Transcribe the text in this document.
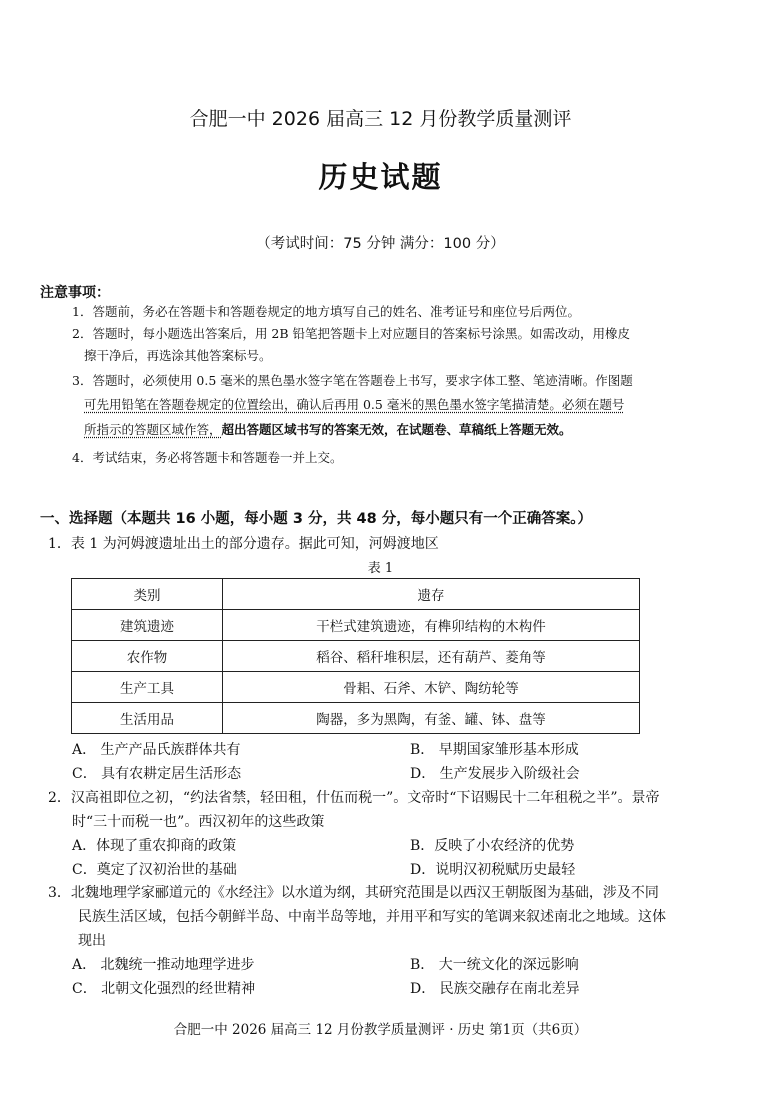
合肥一中 2026 届高三 12 月份教学质量测评
历史试题
（考试时间：75 分钟 满分：100 分）
注意事项：
1．答题前，务必在答题卡和答题卷规定的地方填写自己的姓名、准考证号和座位号后两位。
2．答题时，每小题选出答案后，用 2B 铅笔把答题卡上对应题目的答案标号涂黑。如需改动，用橡皮
擦干净后，再选涂其他答案标号。
3．答题时，必须使用 0.5 毫米的黑色墨水签字笔在答题卷上书写，要求字体工整、笔迹清晰。作图题
可先用铅笔在答题卷规定的位置绘出，确认后再用 0.5 毫米的黑色墨水签字笔描清楚。必须在题号
所指示的答题区域作答，超出答题区域书写的答案无效，在试题卷、草稿纸上答题无效。
4．考试结束，务必将答题卡和答题卷一并上交。
一、选择题（本题共 16 小题，每小题 3 分，共 48 分，每小题只有一个正确答案。）
1．表 1 为河姆渡遗址出土的部分遗存。据此可知，河姆渡地区
表 1
类别	遗存
建筑遗迹	干栏式建筑遗迹，有榫卯结构的木构件
农作物	稻谷、稻秆堆积层，还有葫芦、菱角等
生产工具	骨耜、石斧、木铲、陶纺轮等
生活用品	陶器，多为黑陶，有釜、罐、钵、盘等
A． 生产产品氏族群体共有	B． 早期国家雏形基本形成
C． 具有农耕定居生活形态	D． 生产发展步入阶级社会
2．汉高祖即位之初，“约法省禁，轻田租，什伍而税一”。文帝时“下诏赐民十二年租税之半”。景帝
时“三十而税一也”。西汉初年的这些政策
A．体现了重农抑商的政策	B．反映了小农经济的优势
C．奠定了汉初治世的基础	D．说明汉初税赋历史最轻
3．北魏地理学家郦道元的《水经注》以水道为纲，其研究范围是以西汉王朝版图为基础，涉及不同
民族生活区域，包括今朝鲜半岛、中南半岛等地，并用平和写实的笔调来叙述南北之地域。这体
现出
A． 北魏统一推动地理学进步	B． 大一统文化的深远影响
C． 北朝文化强烈的经世精神	D． 民族交融存在南北差异
合肥一中 2026 届高三 12 月份教学质量测评 · 历史 第1页（共6页）
